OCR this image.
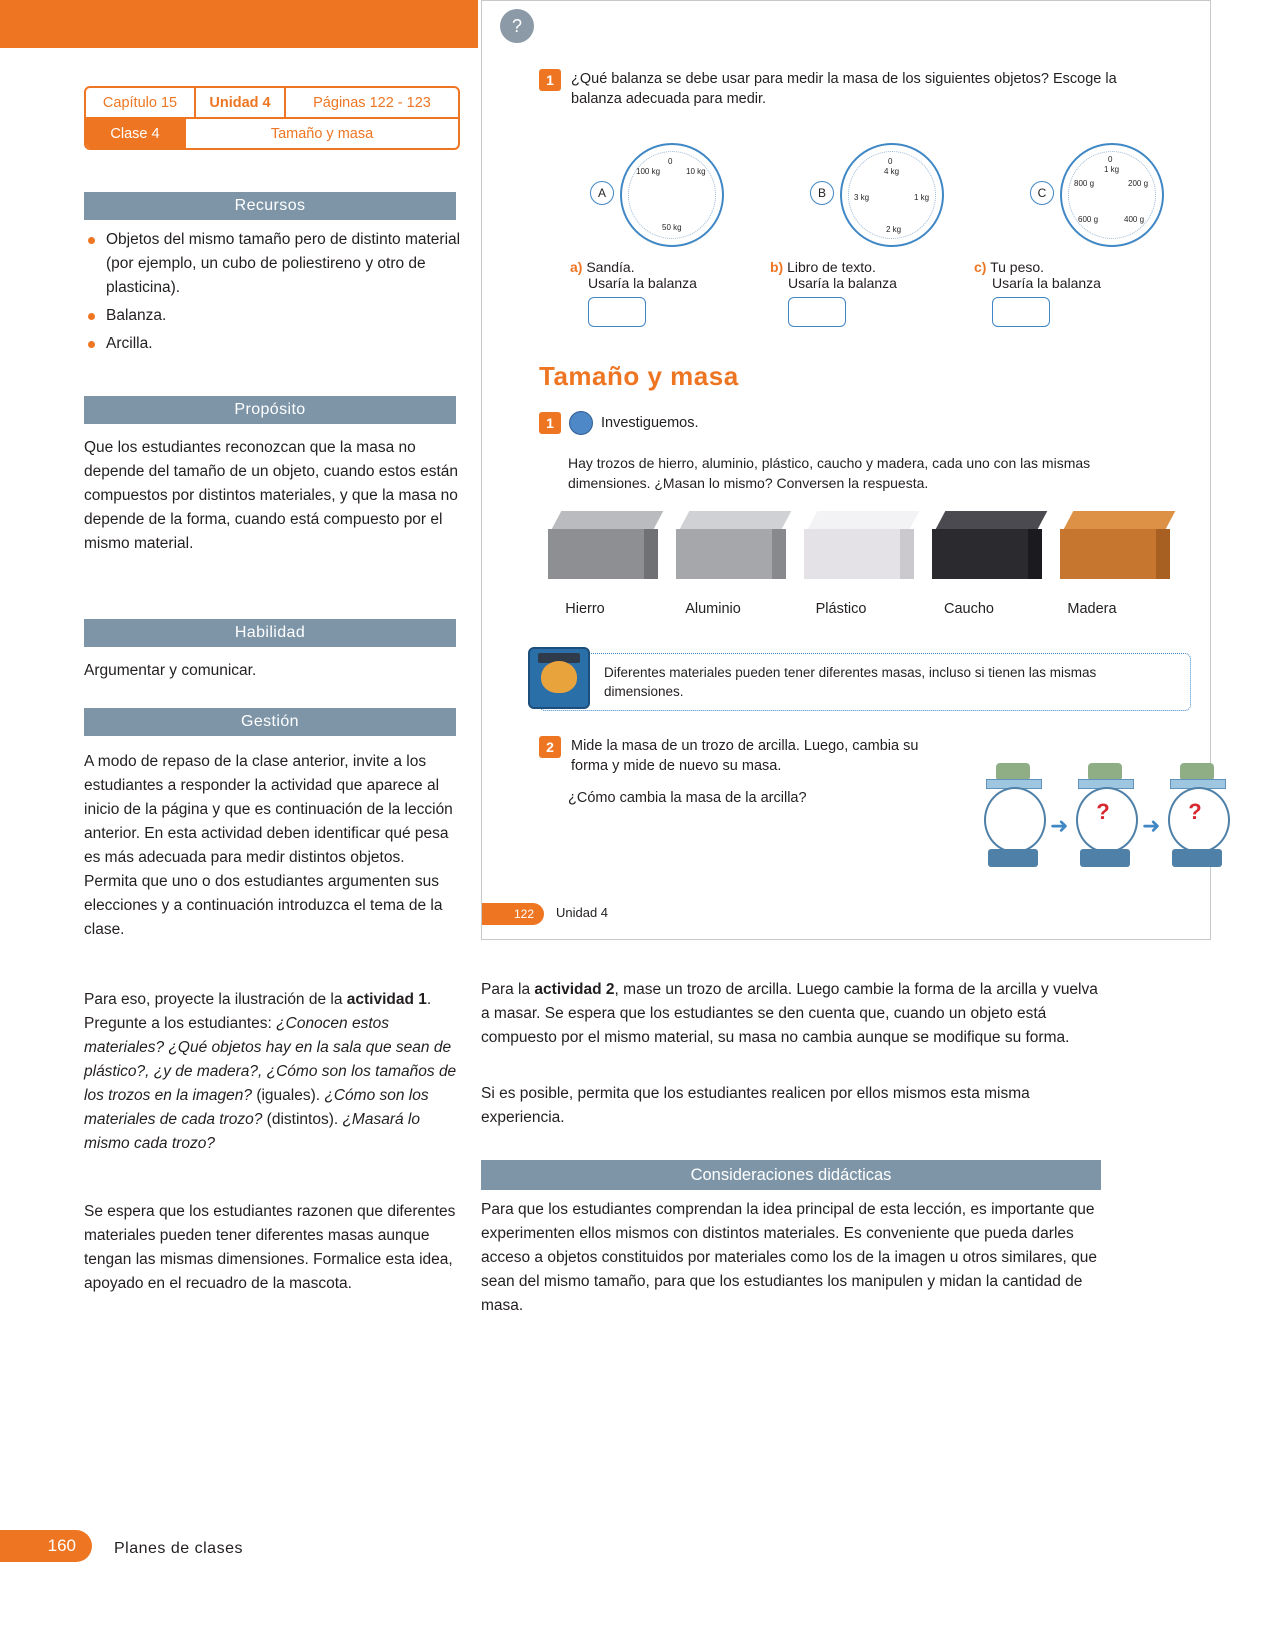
Capítulo 15	Unidad 4	Páginas 122 - 123
Clase 4	Tamaño y masa
Recursos
Objetos del mismo tamaño pero de distinto material (por ejemplo, un cubo de poliestireno y otro de plasticina).
Balanza.
Arcilla.
Propósito
Que los estudiantes reconozcan que la masa no depende del tamaño de un objeto, cuando estos están compuestos por distintos materiales, y que la masa no depende de la forma, cuando está compuesto por el mismo material.
Habilidad
Argumentar y comunicar.
Gestión
A modo de repaso de la clase anterior, invite a los estudiantes a responder la actividad que aparece al inicio de la página y que es continuación de la lección anterior. En esta actividad deben identificar qué pesa es más adecuada para medir distintos objetos. Permita que uno o dos estudiantes argumenten sus elecciones y a continuación introduzca el tema de la clase.
Para eso, proyecte la ilustración de la actividad 1. Pregunte a los estudiantes: ¿Conocen estos materiales? ¿Qué objetos hay en la sala que sean de plástico?, ¿y de madera?, ¿Cómo son los tamaños de los trozos en la imagen? (iguales). ¿Cómo son los materiales de cada trozo? (distintos). ¿Masará lo mismo cada trozo?
Se espera que los estudiantes razonen que diferentes materiales pueden tener diferentes masas aunque tengan las mismas dimensiones. Formalice esta idea, apoyado en el recuadro de la mascota.
160	Planes de clases
?
1	¿Qué balanza se debe usar para medir la masa de los siguientes objetos? Escoge la balanza adecuada para medir.
A
0
100 kg	10 kg
50 kg
B
0
4 kg
1 kg
2 kg
3 kg	C
0
1 kg
200 g
400 g
600 g
800 g
a) Sandía.
Usaría la balanza
b) Libro de texto.
Usaría la balanza
c) Tu peso.
Usaría la balanza
Tamaño y masa
1	Investiguemos.
Hay trozos de hierro, aluminio, plástico, caucho y madera, cada uno con las mismas dimensiones. ¿Masan lo mismo? Conversen la respuesta.
Hierro	Aluminio	Plástico	Caucho	Madera
Diferentes materiales pueden tener diferentes masas, incluso si tienen las mismas dimensiones.
2	Mide la masa de un trozo de arcilla. Luego, cambia su forma y mide de nuevo su masa.
¿Cómo cambia la masa de la arcilla?
➜
?
➜
?
122	Unidad 4
Para la actividad 2, mase un trozo de arcilla. Luego cambie la forma de la arcilla y vuelva a masar. Se espera que los estudiantes se den cuenta que, cuando un objeto está compuesto por el mismo material, su masa no cambia aunque se modifique su forma.
Si es posible, permita que los estudiantes realicen por ellos mismos esta misma experiencia.
Consideraciones didácticas
Para que los estudiantes comprendan la idea principal de esta lección, es importante que experimenten ellos mismos con distintos materiales. Es conveniente que pueda darles acceso a objetos constituidos por materiales como los de la imagen u otros similares, que sean del mismo tamaño, para que los estudiantes los manipulen y midan la cantidad de masa.
